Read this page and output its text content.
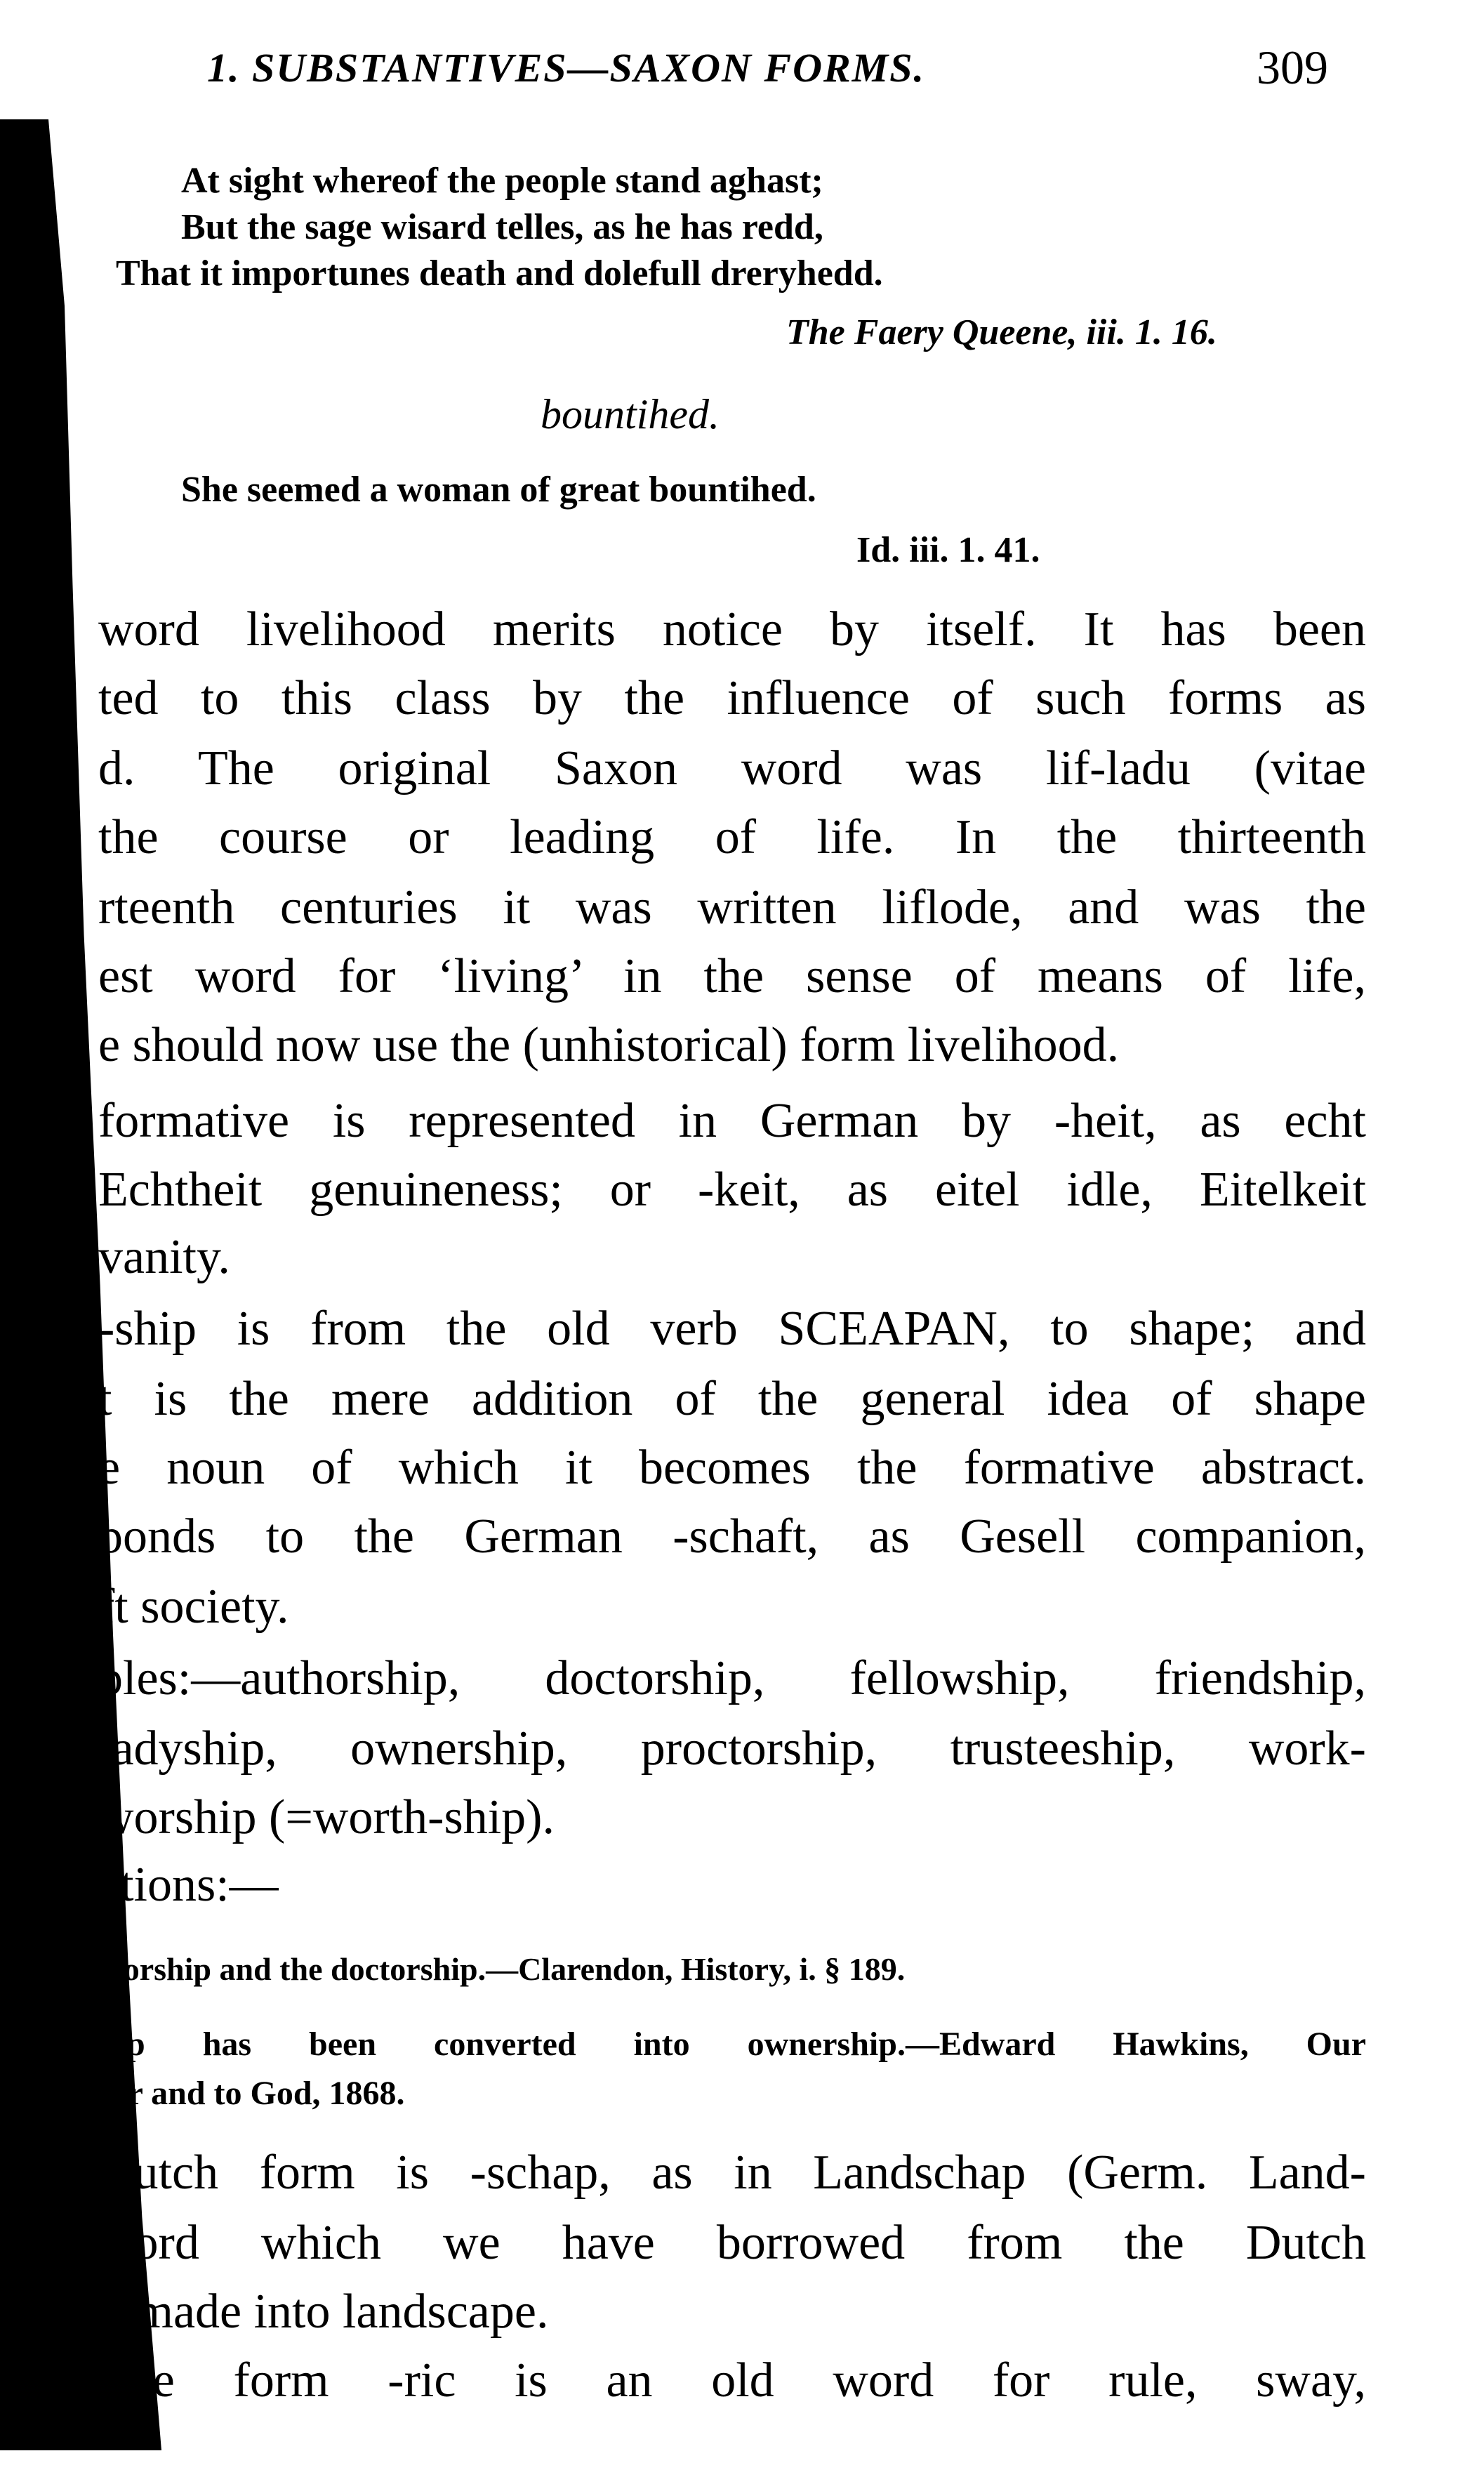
1. SUBSTANTIVES—SAXON FORMS.	309
At sight whereof the people stand aghast;
But the sage wisard telles, as he has redd,
That it importunes death and dolefull dreryhedd.
The Faery Queene, iii. 1. 16.
bountihed.
She seemed a woman of great bountihed.
Id. iii. 1. 41.
word livelihood merits notice by itself. It has been
ted to this class by the influence of such forms as
d. The original Saxon word was lif-ladu (vitae
the course or leading of life. In the thirteenth
rteenth centuries it was written liflode, and was the
est word for ‘living’ in the sense of means of life,
e should now use the (unhistorical) form livelihood.
formative is represented in German by -heit, as echt
Echtheit genuineness; or -keit, as eitel idle, Eitelkeit
vanity.
-ship is from the old verb SCEAPAN, to shape; and
t is the mere addition of the general idea of shape
e noun of which it becomes the formative abstract.
ponds to the German -schaft, as Gesell companion,
ft society.
ples:—authorship, doctorship, fellowship, friendship,
ladyship, ownership, proctorship, trusteeship, work-
worship (=worth-ship).
ations:—
ctorship and the doctorship.—Clarendon, History, i. § 189.
hip has been converted into ownership.—Edward Hawkins, Our
sar and to God, 1868.
Dutch form is -schap, as in Landschap (Germ. Land-
word which we have borrowed from the Dutch
d made into landscape.
The form -ric is an old word for rule, sway,
